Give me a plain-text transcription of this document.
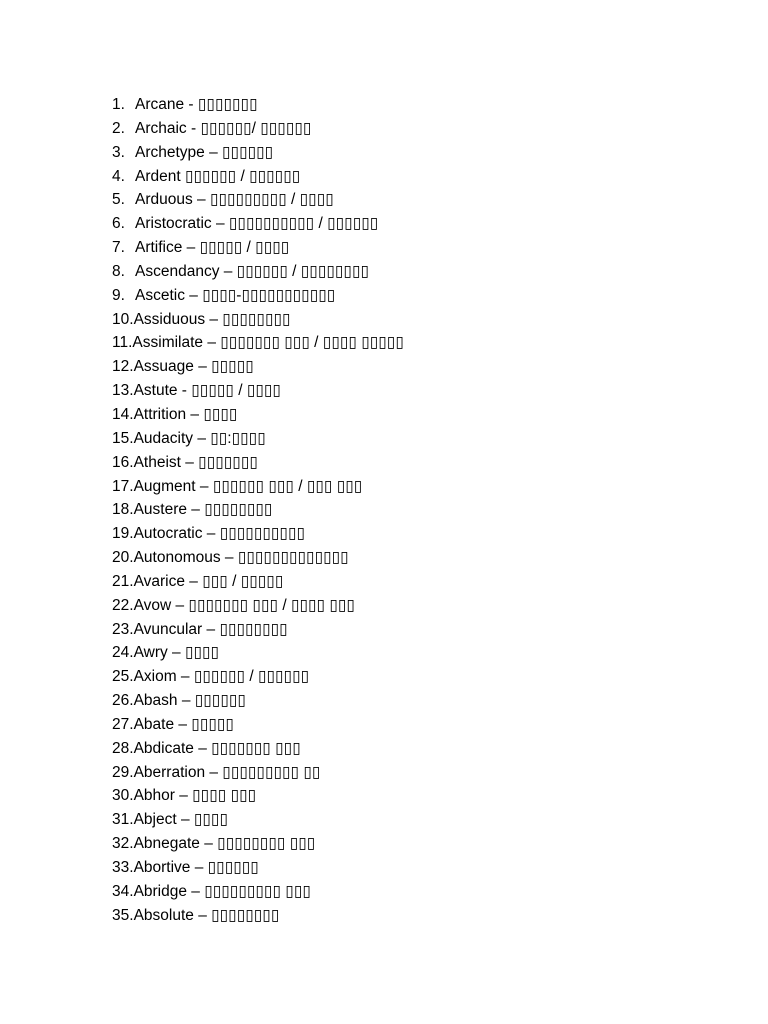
1. Arcane - ▯▯▯▯▯▯▯
2. Archaic - ▯▯▯▯▯▯/ ▯▯▯▯▯▯
3. Archetype – ▯▯▯▯▯▯
4. Ardent ▯▯▯▯▯▯ / ▯▯▯▯▯▯
5. Arduous – ▯▯▯▯▯▯▯▯▯ / ▯▯▯▯
6. Aristocratic – ▯▯▯▯▯▯▯▯▯▯ / ▯▯▯▯▯▯
7. Artifice – ▯▯▯▯▯ / ▯▯▯▯
8. Ascendancy – ▯▯▯▯▯▯ / ▯▯▯▯▯▯▯▯
9. Ascetic – ▯▯▯▯-▯▯▯▯▯▯▯▯▯▯▯
10.Assiduous – ▯▯▯▯▯▯▯▯
11.Assimilate – ▯▯▯▯▯▯▯ ▯▯▯ / ▯▯▯▯ ▯▯▯▯▯
12.Assuage – ▯▯▯▯▯
13.Astute - ▯▯▯▯▯ / ▯▯▯▯
14.Attrition – ▯▯▯▯
15.Audacity – ▯▯:▯▯▯▯
16.Atheist – ▯▯▯▯▯▯▯
17.Augment – ▯▯▯▯▯▯ ▯▯▯ / ▯▯▯ ▯▯▯
18.Austere – ▯▯▯▯▯▯▯▯
19.Autocratic – ▯▯▯▯▯▯▯▯▯▯
20.Autonomous – ▯▯▯▯▯▯▯▯▯▯▯▯▯
21.Avarice – ▯▯▯ / ▯▯▯▯▯
22.Avow – ▯▯▯▯▯▯▯ ▯▯▯ / ▯▯▯▯ ▯▯▯
23.Avuncular – ▯▯▯▯▯▯▯▯
24.Awry – ▯▯▯▯
25.Axiom – ▯▯▯▯▯▯ / ▯▯▯▯▯▯
26.Abash – ▯▯▯▯▯▯
27.Abate – ▯▯▯▯▯
28.Abdicate – ▯▯▯▯▯▯▯ ▯▯▯
29.Aberration – ▯▯▯▯▯▯▯▯▯ ▯▯
30.Abhor – ▯▯▯▯ ▯▯▯
31.Abject – ▯▯▯▯
32.Abnegate – ▯▯▯▯▯▯▯▯ ▯▯▯
33.Abortive – ▯▯▯▯▯▯
34.Abridge – ▯▯▯▯▯▯▯▯▯ ▯▯▯
35.Absolute – ▯▯▯▯▯▯▯▯
